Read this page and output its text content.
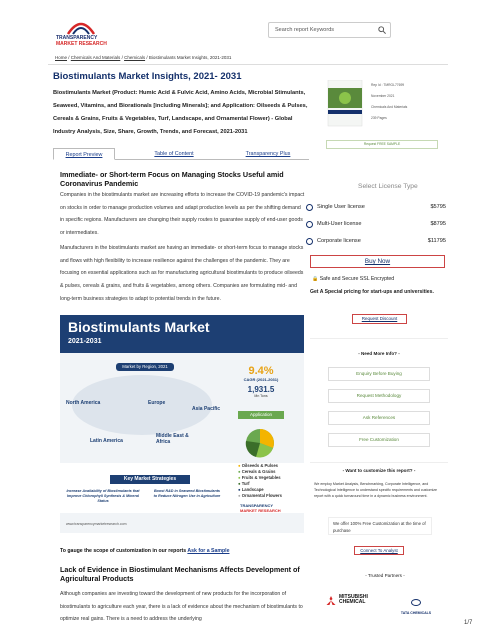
TRANSPARENCY
MARKET RESEARCH
Search report Keywords
Home / Chemicals And Materials / Chemicals / Biostimulants Market Insights, 2021-2031
Biostimulants Market Insights, 2021- 2031
Biostimulants Market (Product: Humic Acid & Fulvic Acid, Amino Acids, Microbial Stimulants, Seaweed, Vitamins, and Biorationals [including Minerals]; and Application: Oilseeds & Pulses, Cereals & Grains, Fruits & Vegetables, Turf, Landscape, and Ornamental Flower) - Global Industry Analysis, Size, Share, Growth, Trends, and Forecast, 2021-2031
Rep Id : TMRGL77699
November 2021
Chemicals And Materials
239 Pages
Request FREE SAMPLE
Report Preview	Table of Content	Transparency Plus
Immediate- or Short-term Focus on Managing Stocks Useful amid Coronavirus Pandemic
Companies in the biostimulants market are increasing efforts to increase the COVID-19 pandemic's impact on stocks in order to manage production volumes and adapt production levels as per the shifting demand in specific regions. Manufacturers are changing their supply routes to guarantee supply of end-user goods or intermediates.
Manufacturers in the biostimulants market are having an immediate- or short-term focus to manage stocks and flows with high flexibility to increase resilience against the challenges of the pandemic. They are focusing on essential applications such as for manufacturing agricultural biostimulants to produce oilseeds & pulses, cereals & grains, and fruits & vegetables, among others. Companies are formulating mid- and long-term business strategies to adapt to potential trends in the future.
Select License Type
Single User license	$5795
Multi-User license	$8795
Corporate license	$11795
Buy Now
🔒 Safe and Secure SSL Encrypted
Get A Special pricing for start-ups and universities.
Request Discount
- Need More Info? -
Enquiry Before Buying
Request Methodology
Ask References
Free Customization
- Want to customize this report? -
We employ Market Analysis, Benchmarking, Corporate Intelligence, and Technological Intelligence to understand specific requirements and customize report with a quick turnaround time in a dynamic business environment.
We offer 100% Free Customization at the time of purchase
Connect To Analyst
- Trusted Partners -
MITSUBISHI CHEMICAL
TATA CHEMICALS
Biostimulants Market
2021-2031
Market by Region, 2021
North America	Europe
Asia Pacific
Latin America
Middle East & Africa
9.4%
CAGR (2021-2031)
1,931.5
Mn Tons
Application
● Oilseeds & Pulses
● Cereals & Grains
● Fruits & Vegetables
● Turf
● Landscape
● Ornamental Flowers
Key Market Strategies
Increase Availability of Biostimulants that Improve Chlorophyll Synthesis & Mineral Status
Boost R&D in Seaweed Biostimulants to Reduce Nitrogen Use in Agriculture
TRANSPARENCY
MARKET RESEARCH
www.transparencymarketresearch.com
To gauge the scope of customization in our reports Ask for a Sample
Lack of Evidence in Biostimulant Mechanisms Affects Development of Agricultural Products
Although companies are investing toward the development of new products for the incorporation of biostimulants to agriculture each year, there is a lack of evidence about the mechanism of biostimulants to optimize real gains. There is a need to address the underlying
1/7
